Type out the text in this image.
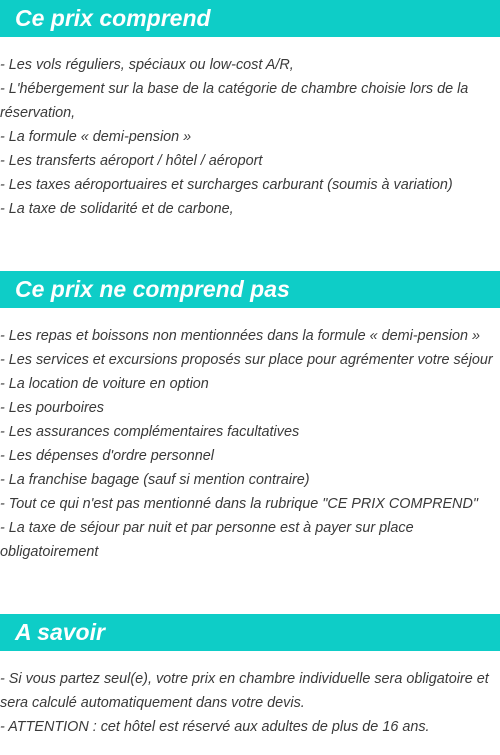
Ce prix comprend
- Les vols réguliers, spéciaux ou low-cost A/R,
- L'hébergement sur la base de la catégorie de chambre choisie lors de la réservation,
- La formule « demi-pension »
- Les transferts aéroport / hôtel / aéroport
- Les taxes aéroportuaires et surcharges carburant (soumis à variation)
- La taxe de solidarité et de carbone,
Ce prix ne comprend pas
- Les repas et boissons non mentionnées dans la formule « demi-pension »
- Les services et excursions proposés sur place pour agrémenter votre séjour
- La location de voiture en option
- Les pourboires
- Les assurances complémentaires facultatives
- Les dépenses d'ordre personnel
- La franchise bagage (sauf si mention contraire)
- Tout ce qui n'est pas mentionné dans la rubrique "CE PRIX COMPREND"
- La taxe de séjour par nuit et par personne est à payer sur place obligatoirement
A savoir
- Si vous partez seul(e), votre prix en chambre individuelle sera obligatoire et sera calculé automatiquement dans votre devis.
- ATTENTION : cet hôtel est réservé aux adultes de plus de 16 ans.
